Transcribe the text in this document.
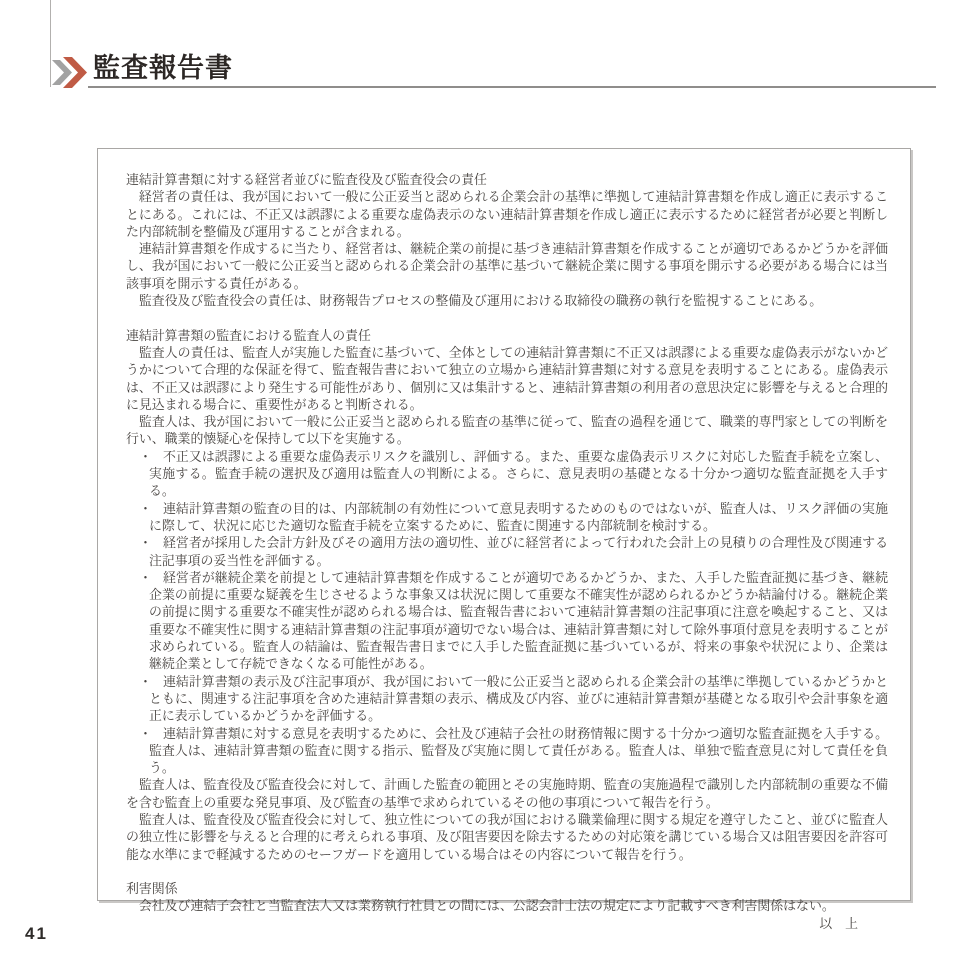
監査報告書
連結計算書類に対する経営者並びに監査役及び監査役会の責任

経営者の責任は、我が国において一般に公正妥当と認められる企業会計の基準に準拠して連結計算書類を作成し適正に表示することにある。これには、不正又は誤謬による重要な虚偽表示のない連結計算書類を作成し適正に表示するために経営者が必要と判断した内部統制を整備及び運用することが含まれる。

連結計算書類を作成するに当たり、経営者は、継続企業の前提に基づき連結計算書類を作成することが適切であるかどうかを評価し、我が国において一般に公正妥当と認められる企業会計の基準に基づいて継続企業に関する事項を開示する必要がある場合には当該事項を開示する責任がある。

監査役及び監査役会の責任は、財務報告プロセスの整備及び運用における取締役の職務の執行を監視することにある。

連結計算書類の監査における監査人の責任

監査人の責任は、監査人が実施した監査に基づいて、全体としての連結計算書類に不正又は誤謬による重要な虚偽表示がないかどうかについて合理的な保証を得て、監査報告書において独立の立場から連結計算書類に対する意見を表明することにある。虚偽表示は、不正又は誤謬により発生する可能性があり、個別に又は集計すると、連結計算書類の利用者の意思決定に影響を与えると合理的に見込まれる場合に、重要性があると判断される。

監査人は、我が国において一般に公正妥当と認められる監査の基準に従って、監査の過程を通じて、職業的専門家としての判断を行い、職業的懐疑心を保持して以下を実施する。

・ 不正又は誤謬による重要な虚偽表示リスクを識別し、評価する。また、重要な虚偽表示リスクに対応した監査手続を立案し、実施する。監査手続の選択及び適用は監査人の判断による。さらに、意見表明の基礎となる十分かつ適切な監査証拠を入手する。
・ 連結計算書類の監査の目的は、内部統制の有効性について意見表明するためのものではないが、監査人は、リスク評価の実施に際して、状況に応じた適切な監査手続を立案するために、監査に関連する内部統制を検討する。
・ 経営者が採用した会計方針及びその適用方法の適切性、並びに経営者によって行われた会計上の見積りの合理性及び関連する注記事項の妥当性を評価する。
・ 経営者が継続企業を前提として連結計算書類を作成することが適切であるかどうか、また、入手した監査証拠に基づき、継続企業の前提に重要な疑義を生じさせるような事象又は状況に関して重要な不確実性が認められるかどうか結論付ける。継続企業の前提に関する重要な不確実性が認められる場合は、監査報告書において連結計算書類の注記事項に注意を喚起すること、又は重要な不確実性に関する連結計算書類の注記事項が適切でない場合は、連結計算書類に対して除外事項付意見を表明することが求められている。監査人の結論は、監査報告書日までに入手した監査証拠に基づいているが、将来の事象や状況により、企業は継続企業として存続できなくなる可能性がある。
・ 連結計算書類の表示及び注記事項が、我が国において一般に公正妥当と認められる企業会計の基準に準拠しているかどうかとともに、関連する注記事項を含めた連結計算書類の表示、構成及び内容、並びに連結計算書類が基礎となる取引や会計事象を適正に表示しているかどうかを評価する。
・ 連結計算書類に対する意見を表明するために、会社及び連結子会社の財務情報に関する十分かつ適切な監査証拠を入手する。監査人は、連結計算書類の監査に関する指示、監督及び実施に関して責任がある。監査人は、単独で監査意見に対して責任を負う。

監査人は、監査役及び監査役会に対して、計画した監査の範囲とその実施時期、監査の実施過程で識別した内部統制の重要な不備を含む監査上の重要な発見事項、及び監査の基準で求められているその他の事項について報告を行う。

監査人は、監査役及び監査役会に対して、独立性についての我が国における職業倫理に関する規定を遵守したこと、並びに監査人の独立性に影響を与えると合理的に考えられる事項、及び阻害要因を除去するための対応策を講じている場合又は阻害要因を許容可能な水準にまで軽減するためのセーフガードを適用している場合はその内容について報告を行う。

利害関係

会社及び連結子会社と当監査法人又は業務執行社員との間には、公認会計士法の規定により記載すべき利害関係はない。

以　上

41
